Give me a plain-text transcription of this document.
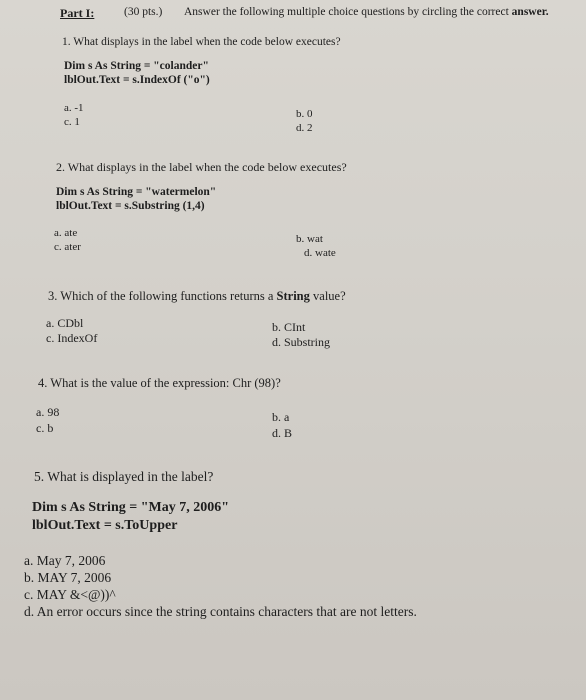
Part I:	(30 pts.) Answer the following multiple choice questions by circling the correct answer.
1. What displays in the label when the code below executes?
Dim s As String = "colander"
lblOut.Text = s.IndexOf ("o")
a. -1
c. 1
b. 0
d. 2
2. What displays in the label when the code below executes?
Dim s As String = "watermelon"
lblOut.Text = s.Substring (1,4)
a. ate
c. ater
b. wat
d. wate
3. Which of the following functions returns a String value?
a. CDbl
c. IndexOf
b. CInt
d. Substring
4. What is the value of the expression: Chr (98)?
a. 98
c. b
b. a
d. B
5. What is displayed in the label?
Dim s As String = "May 7, 2006"
lblOut.Text = s.ToUpper
a. May 7, 2006
b. MAY 7, 2006
c. MAY &<@))^
d. An error occurs since the string contains characters that are not letters.
